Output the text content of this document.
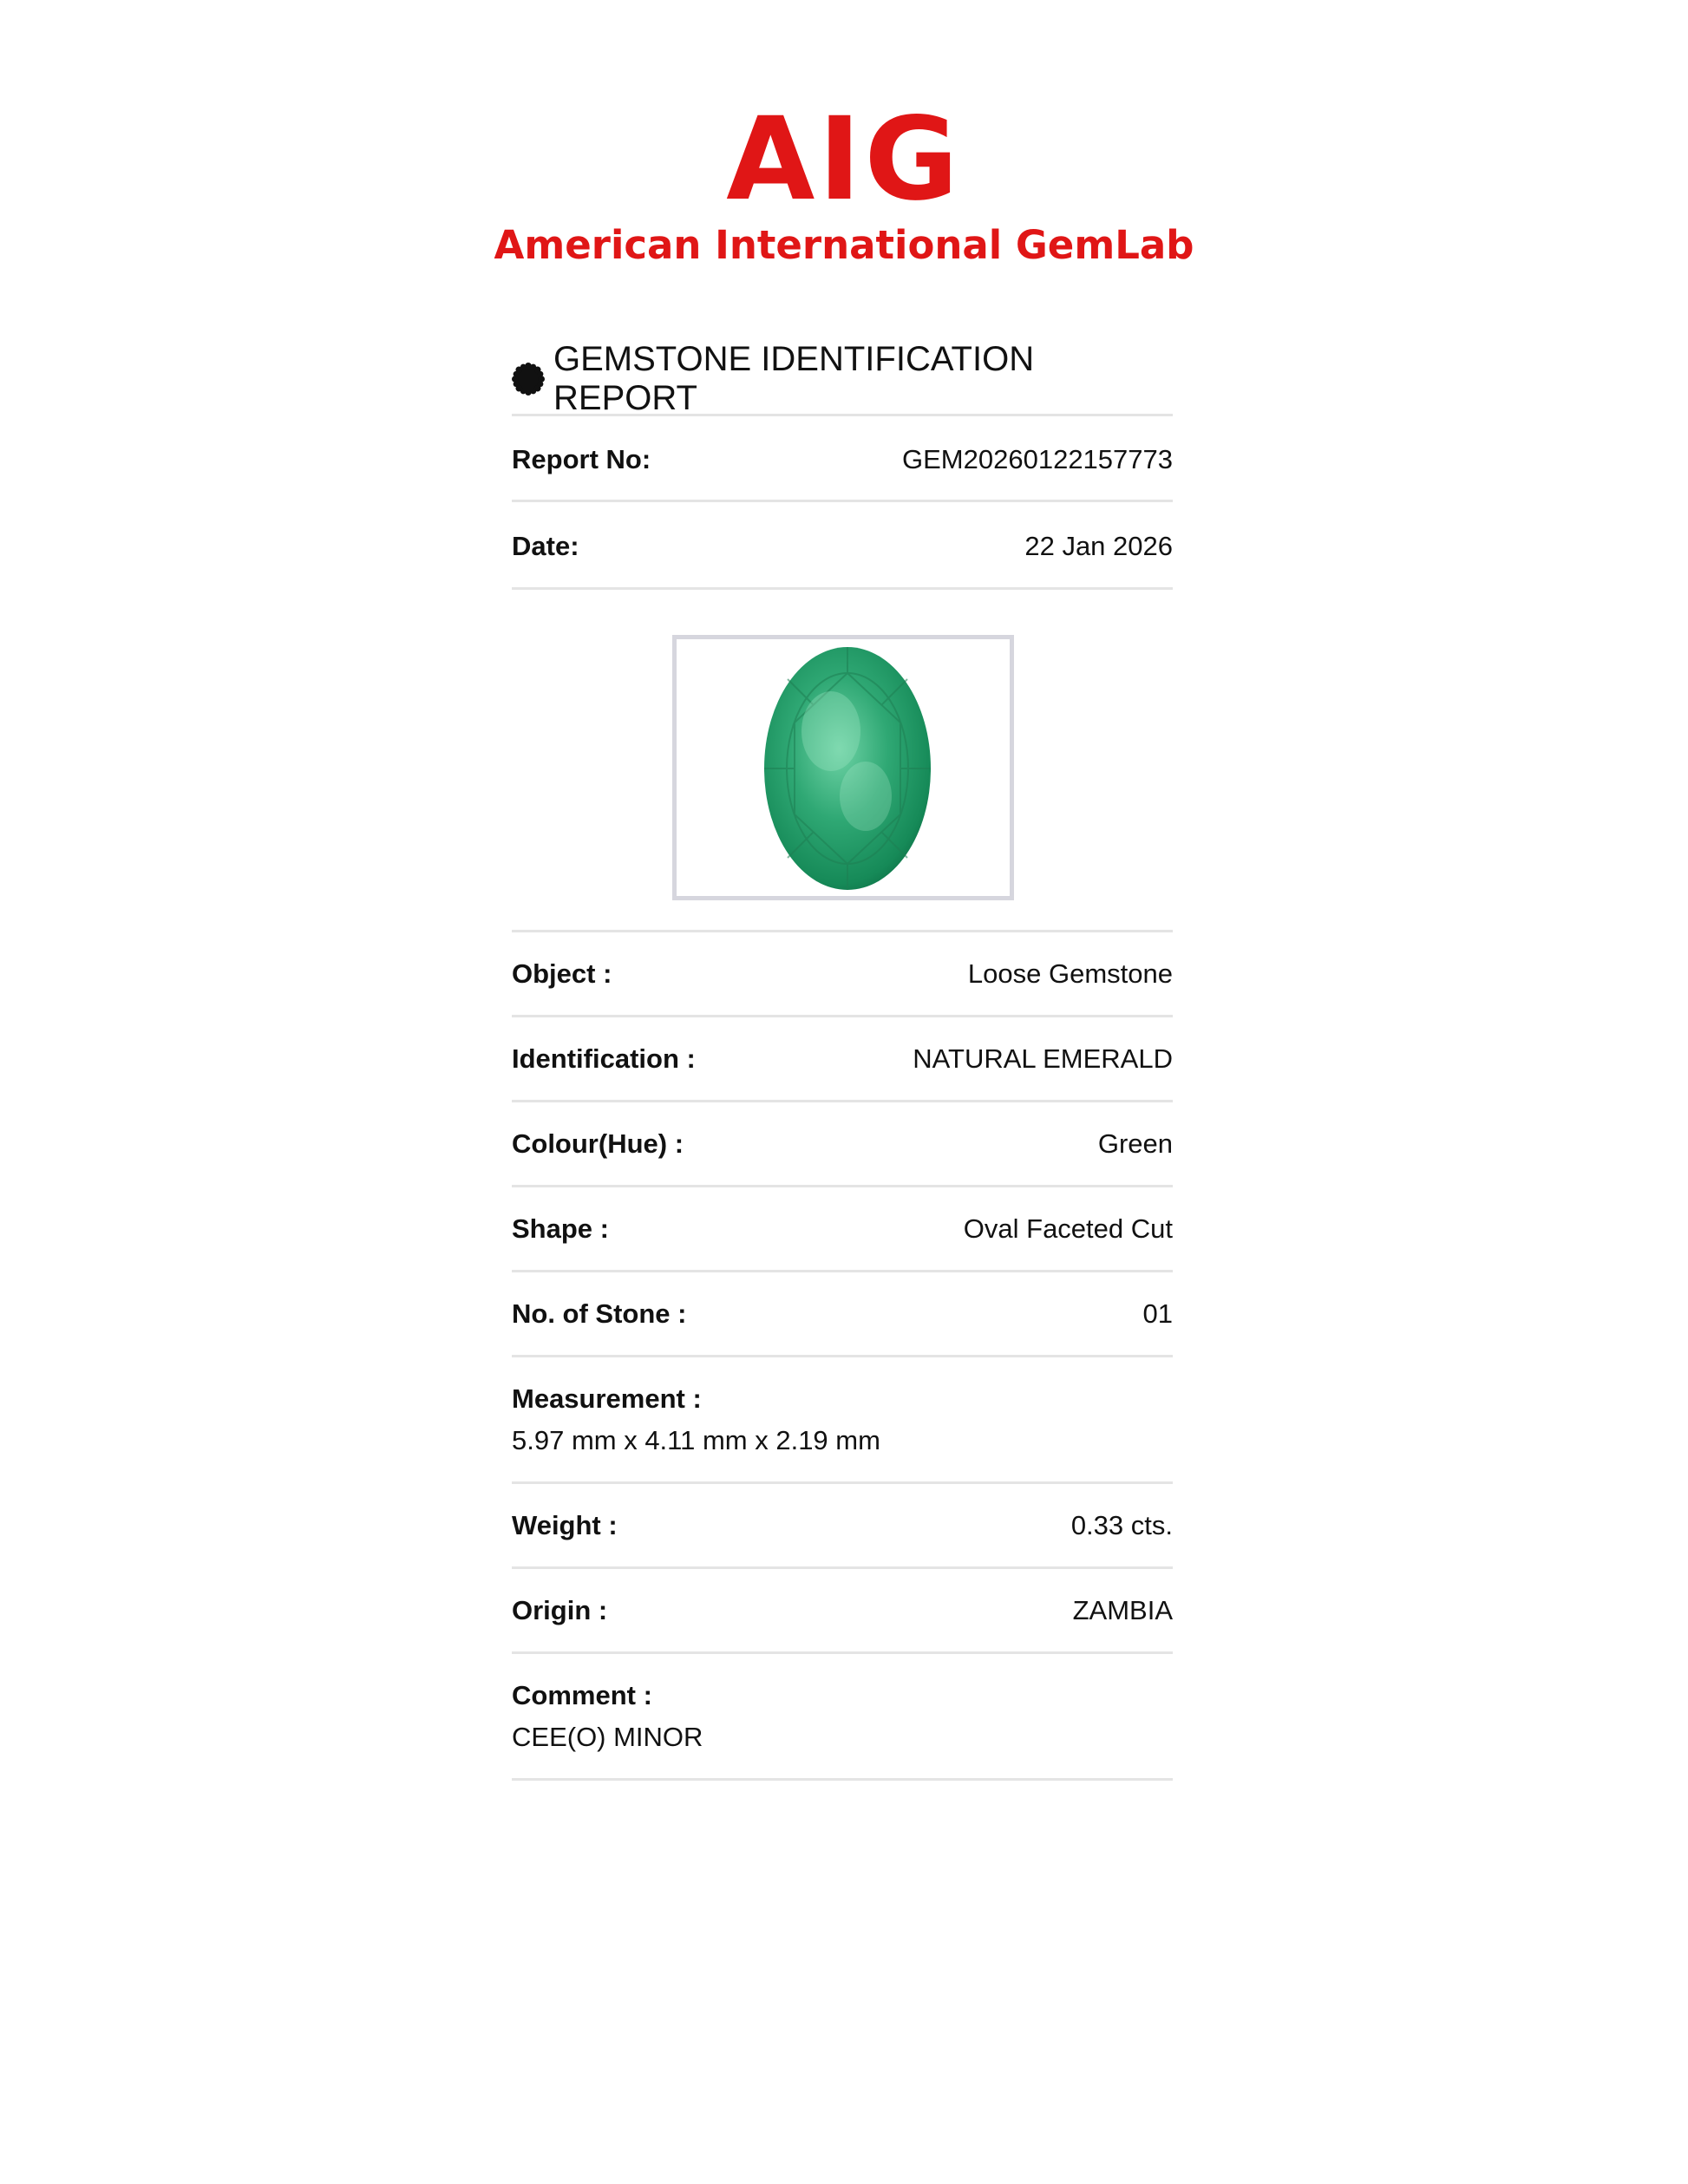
AIG
American International GemLab
GEMSTONE IDENTIFICATION REPORT
Report No:	GEM20260122157773
Date:	22 Jan 2026
Object :	Loose Gemstone
Identification :	NATURAL EMERALD
Colour(Hue) :	Green
Shape :	Oval Faceted Cut
No. of Stone :	01
Measurement :
5.97 mm x 4.11 mm x 2.19 mm
Weight :	0.33 cts.
Origin :	ZAMBIA
Comment :
CEE(O) MINOR
